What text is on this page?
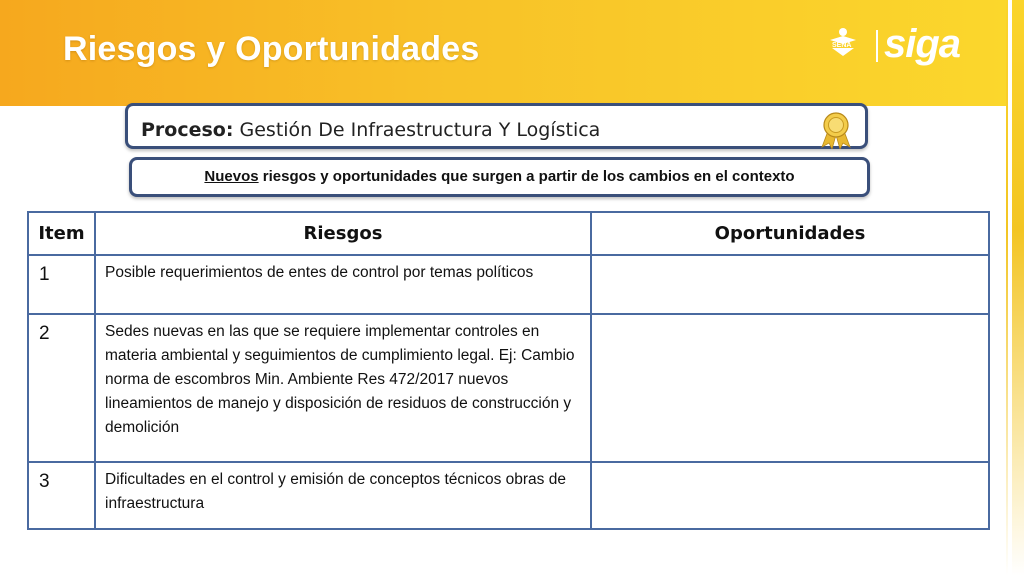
Riesgos y Oportunidades	SENA siga
Proceso: Gestión De Infraestructura Y Logística
Nuevos riesgos y oportunidades que surgen a partir de los cambios en el contexto
Item	Riesgos	Oportunidades
1	Posible requerimientos de entes de control por temas políticos	
2	Sedes nuevas en las que se requiere implementar controles en materia ambiental y seguimientos de cumplimiento legal. Ej: Cambio norma de escombros Min. Ambiente Res 472/2017 nuevos lineamientos de manejo y disposición de residuos de construcción y demolición	
3	Dificultades en el control y emisión de conceptos técnicos obras de infraestructura	
